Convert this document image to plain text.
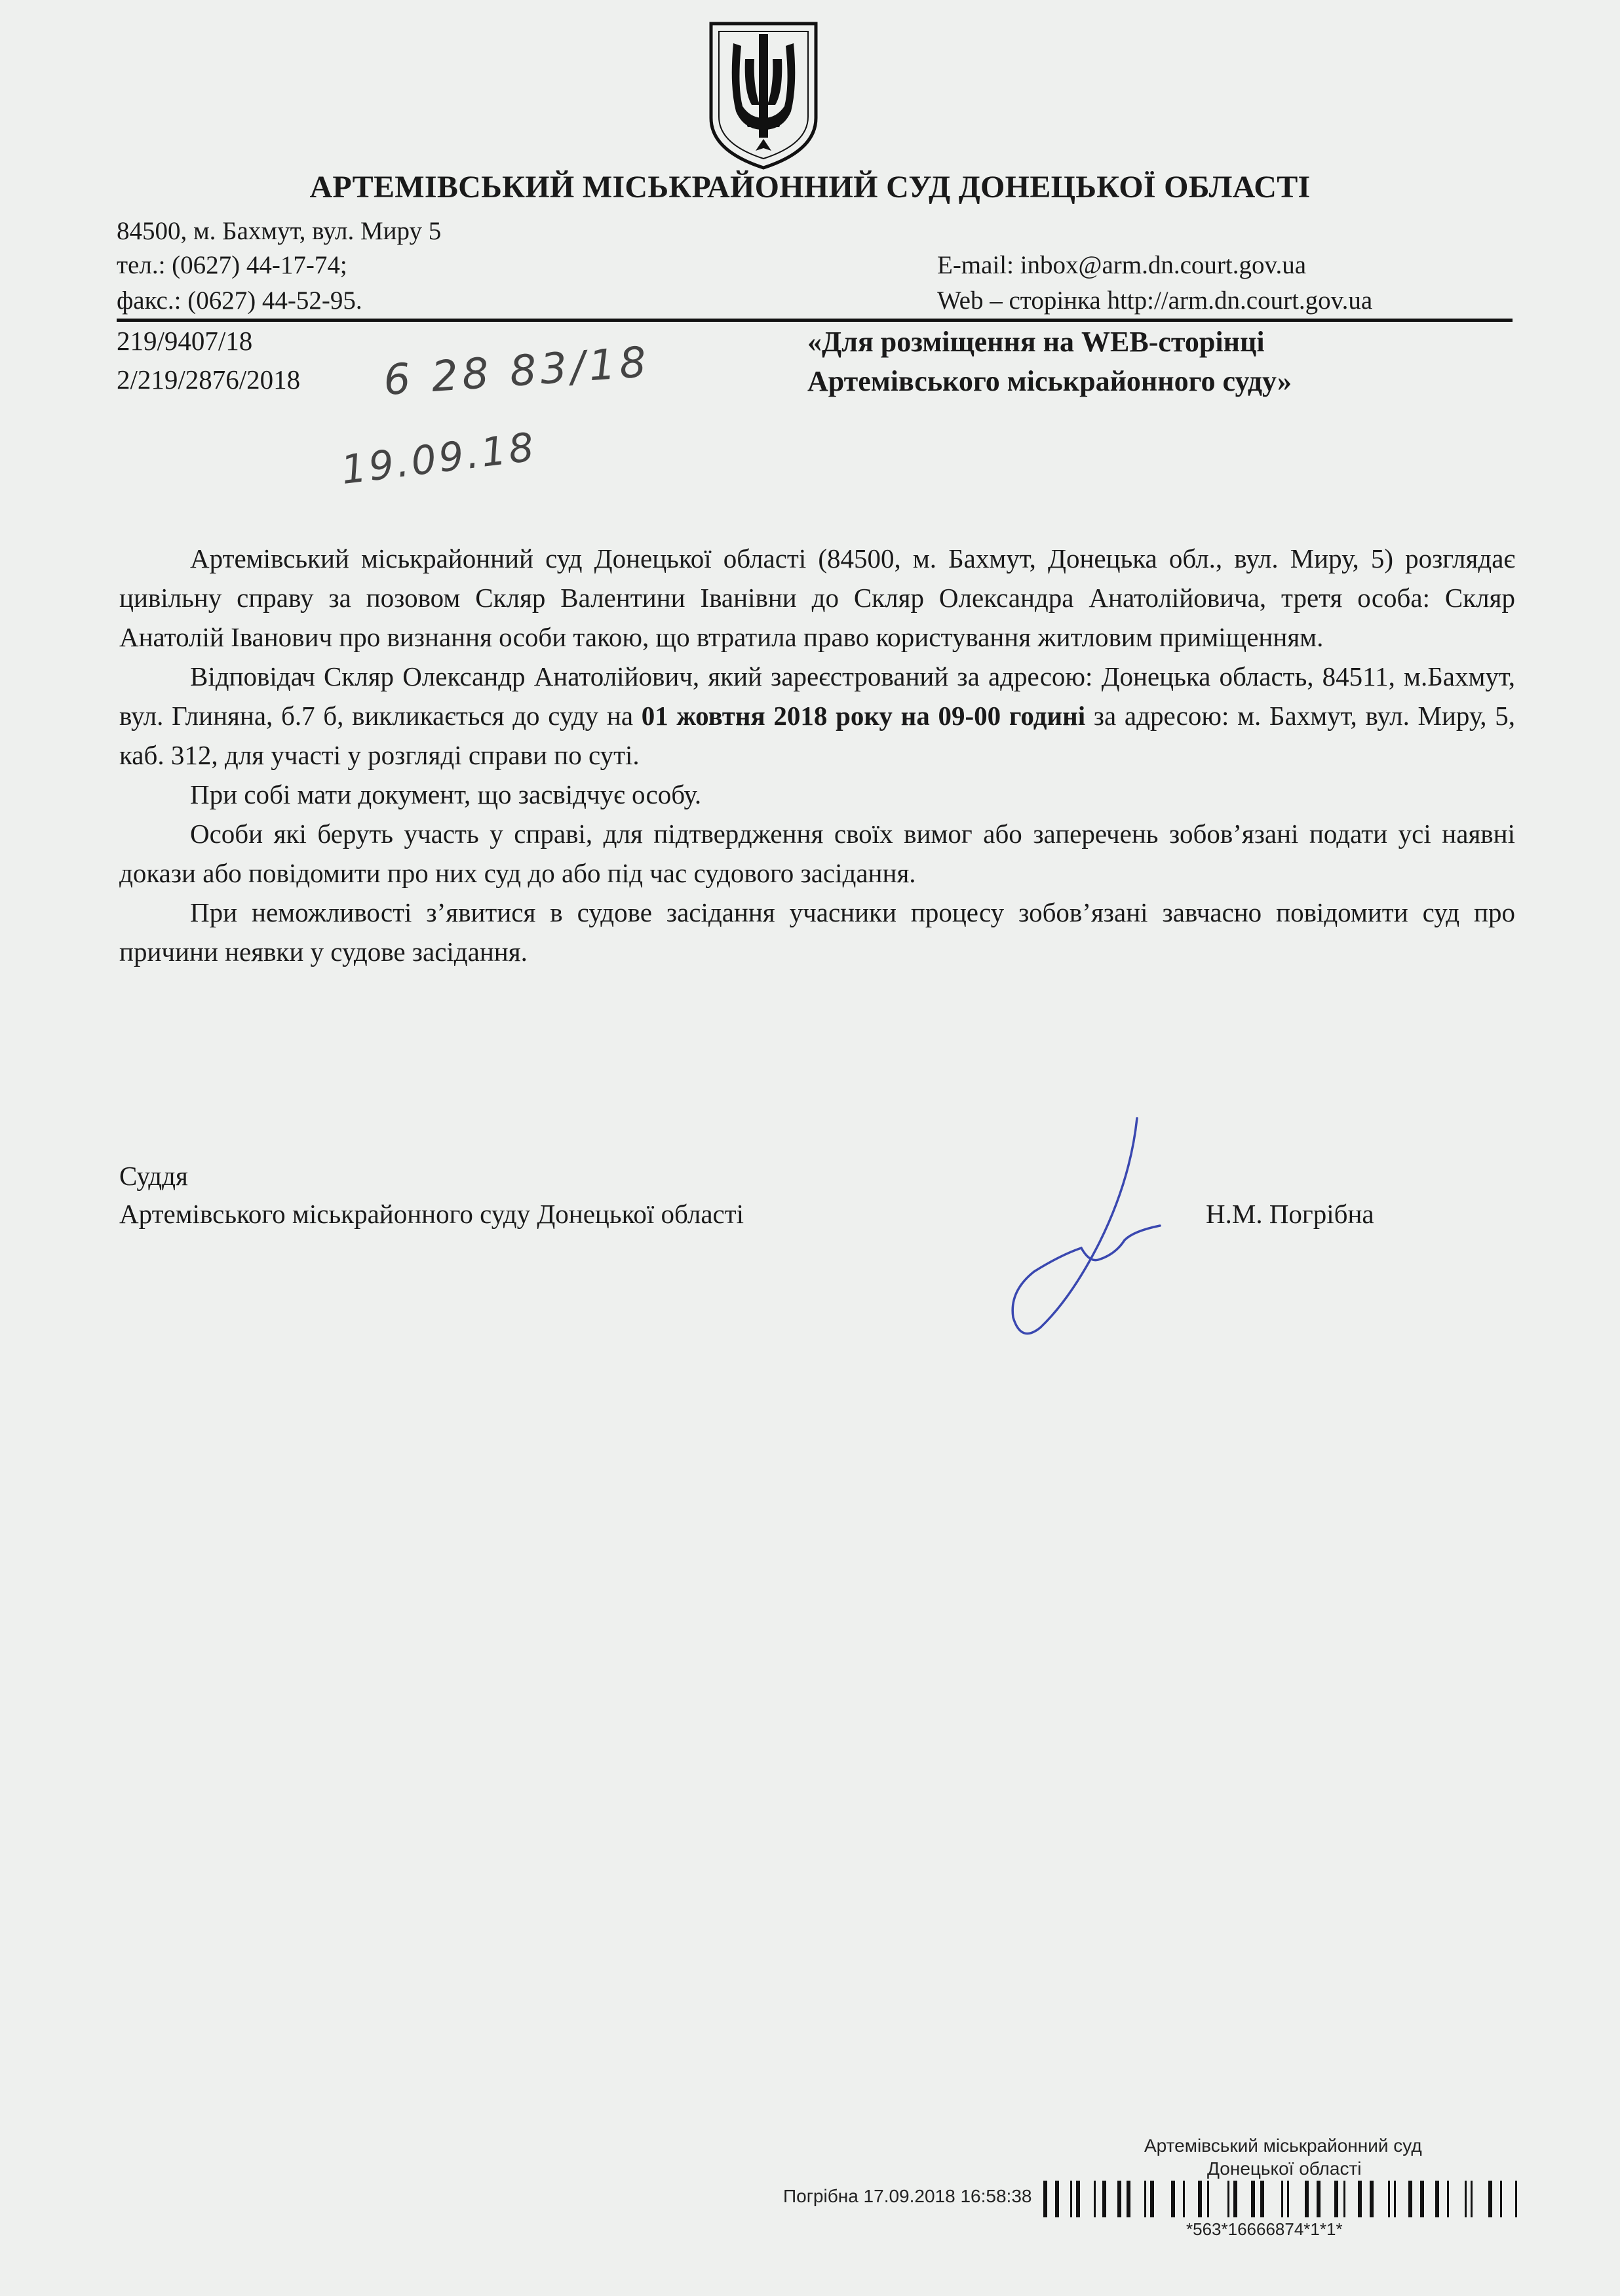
АРТЕМІВСЬКИЙ МІСЬКРАЙОННИЙ СУД ДОНЕЦЬКОЇ ОБЛАСТІ
84500, м. Бахмут, вул. Миру 5
тел.: (0627) 44-17-74;
факс.: (0627) 44-52-95.
E-mail: inbox@arm.dn.court.gov.ua
Web – сторінка http://arm.dn.court.gov.ua
219/9407/18
2/219/2876/2018 6 28 83/18
19.09.18
«Для розміщення на WEB-сторінці
Артемівського міськрайонного суду»

Артемівський міськрайонний суд Донецької області (84500, м. Бахмут, Донецька обл., вул. Миру, 5) розглядає цивільну справу за позовом Скляр Валентини Іванівни до Скляр Олександра Анатолійовича, третя особа: Скляр Анатолій Іванович про визнання особи такою, що втратила право користування житловим приміщенням.

Відповідач Скляр Олександр Анатолійович, який зареєстрований за адресою: Донецька область, 84511, м.Бахмут, вул. Глиняна, б.7 б, викликається до суду на 01 жовтня 2018 року на 09-00 годині за адресою: м. Бахмут, вул. Миру, 5, каб. 312, для участі у розгляді справи по суті.

При собі мати документ, що засвідчує особу.

Особи які беруть участь у справі, для підтвердження своїх вимог або заперечень зобов’язані подати усі наявні докази або повідомити про них суд до або під час судового засідання.

При неможливості з’явитися в судове засідання учасники процесу зобов’язані завчасно повідомити суд про причини неявки у судове засідання.

Суддя
Артемівського міськрайонного суду Донецької області	Н.М. Погрібна
Артемівський міськрайонний суд
Донецької області
Погрібна 17.09.2018 16:58:38
*563*16666874*1*1*
